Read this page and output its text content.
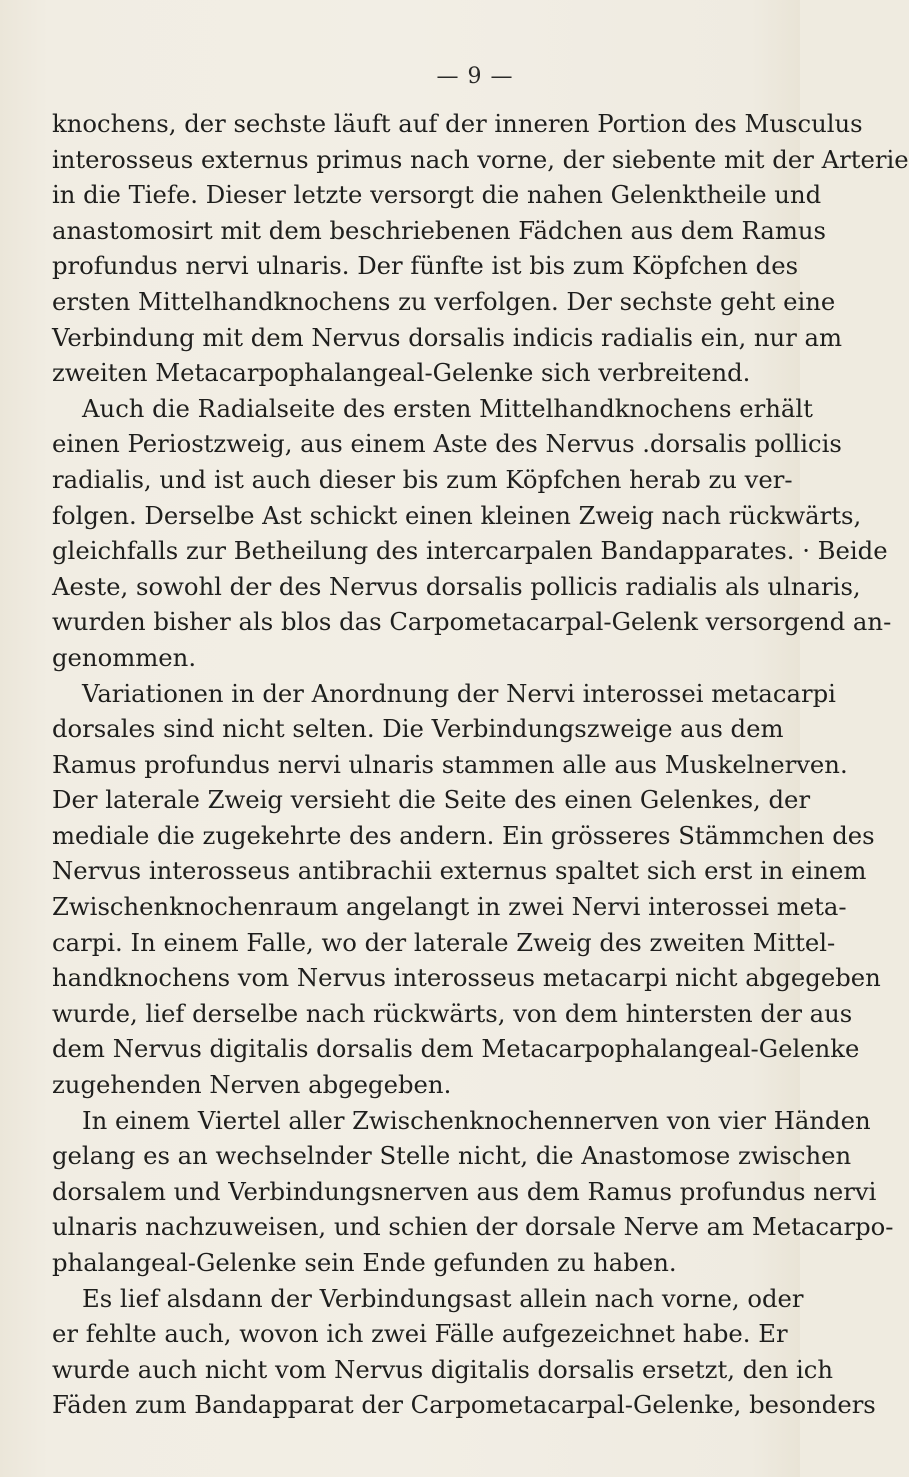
— 9 —
knochens, der sechste läuft auf der inneren Portion des Musculus
interosseus externus primus nach vorne, der siebente mit der Arterie
in die Tiefe. Dieser letzte versorgt die nahen Gelenktheile und
anastomosirt mit dem beschriebenen Fädchen aus dem Ramus
profundus nervi ulnaris. Der fünfte ist bis zum Köpfchen des
ersten Mittelhandknochens zu verfolgen. Der sechste geht eine
Verbindung mit dem Nervus dorsalis indicis radialis ein, nur am
zweiten Metacarpophalangeal-Gelenke sich verbreitend.
Auch die Radialseite des ersten Mittelhandknochens erhält
einen Periostzweig, aus einem Aste des Nervus .dorsalis pollicis
radialis, und ist auch dieser bis zum Köpfchen herab zu ver-
folgen. Derselbe Ast schickt einen kleinen Zweig nach rückwärts,
gleichfalls zur Betheilung des intercarpalen Bandapparates. · Beide
Aeste, sowohl der des Nervus dorsalis pollicis radialis als ulnaris,
wurden bisher als blos das Carpometacarpal-Gelenk versorgend an-
genommen.
Variationen in der Anordnung der Nervi interossei metacarpi
dorsales sind nicht selten. Die Verbindungszweige aus dem
Ramus profundus nervi ulnaris stammen alle aus Muskelnerven.
Der laterale Zweig versieht die Seite des einen Gelenkes, der
mediale die zugekehrte des andern. Ein grösseres Stämmchen des
Nervus interosseus antibrachii externus spaltet sich erst in einem
Zwischenknochenraum angelangt in zwei Nervi interossei meta-
carpi. In einem Falle, wo der laterale Zweig des zweiten Mittel-
handknochens vom Nervus interosseus metacarpi nicht abgegeben
wurde, lief derselbe nach rückwärts, von dem hintersten der aus
dem Nervus digitalis dorsalis dem Metacarpophalangeal-Gelenke
zugehenden Nerven abgegeben.
In einem Viertel aller Zwischenknochennerven von vier Händen
gelang es an wechselnder Stelle nicht, die Anastomose zwischen
dorsalem und Verbindungsnerven aus dem Ramus profundus nervi
ulnaris nachzuweisen, und schien der dorsale Nerve am Metacarpo-
phalangeal-Gelenke sein Ende gefunden zu haben.
Es lief alsdann der Verbindungsast allein nach vorne, oder
er fehlte auch, wovon ich zwei Fälle aufgezeichnet habe. Er
wurde auch nicht vom Nervus digitalis dorsalis ersetzt, den ich
Fäden zum Bandapparat der Carpometacarpal-Gelenke, besonders
